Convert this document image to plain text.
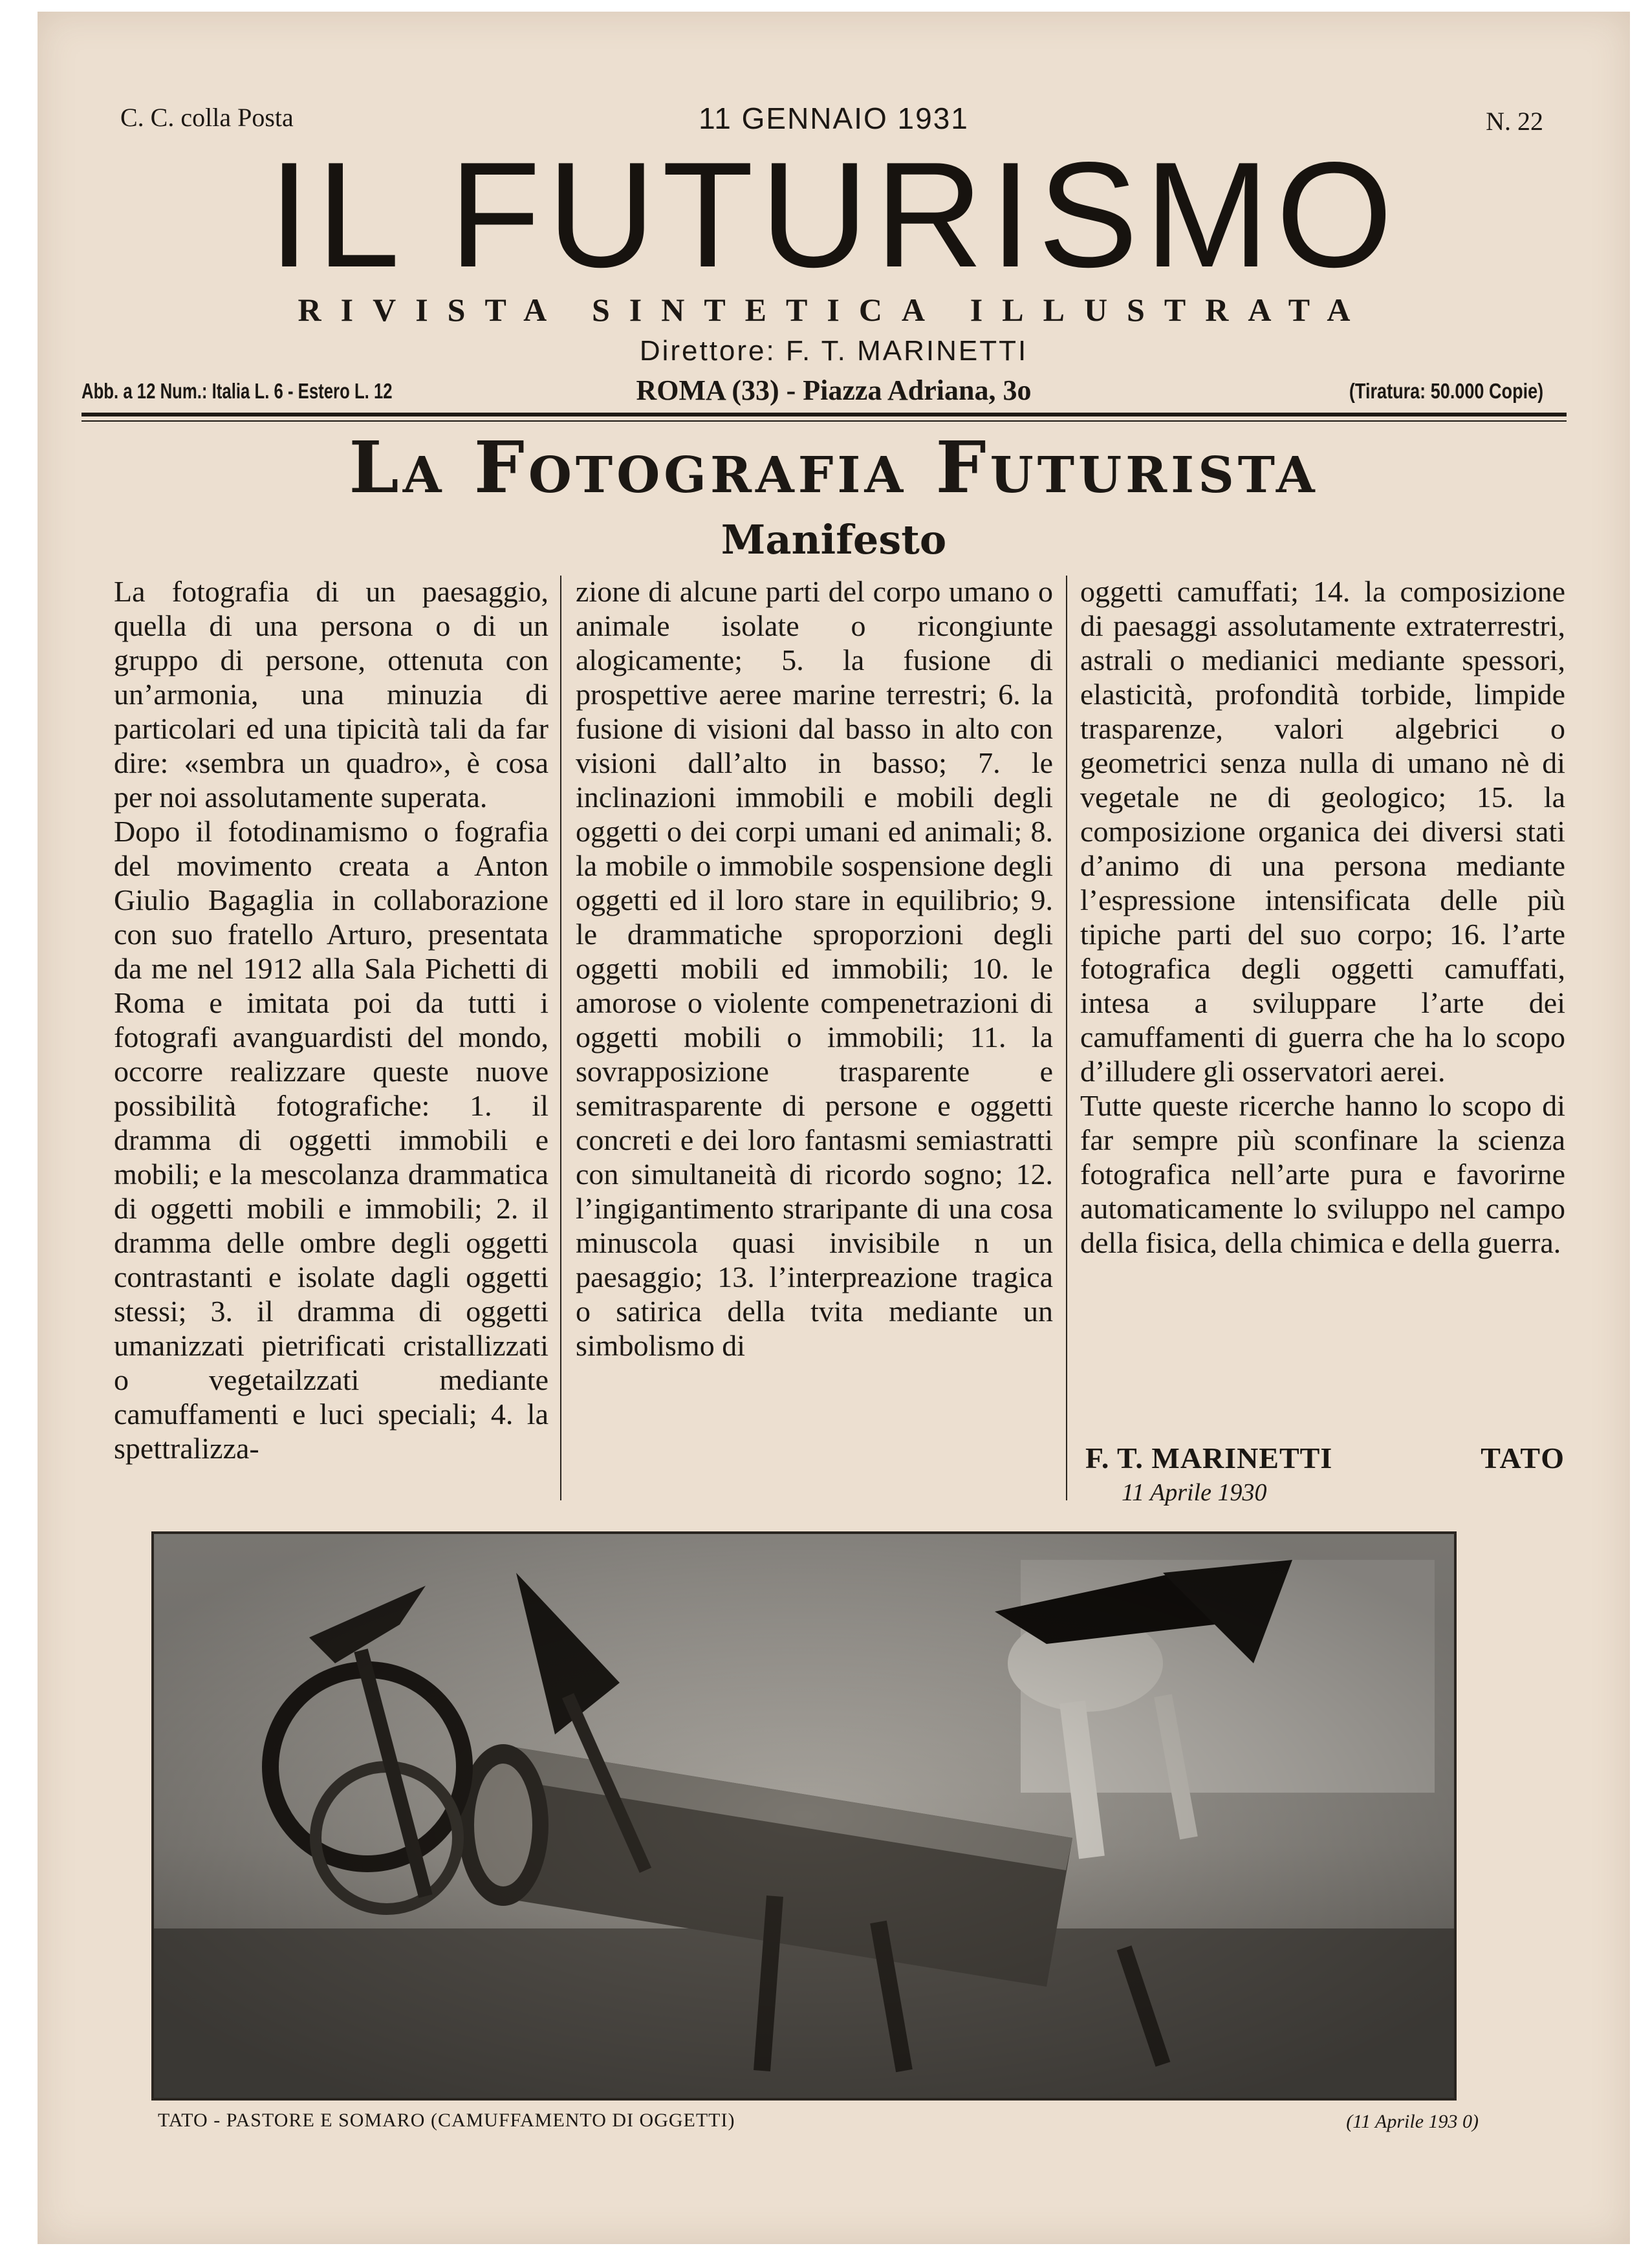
C. C. colla Posta	11 GENNAIO 1931	N. 22
IL FUTURISMO
RIVISTA SINTETICA ILLUSTRATA
Direttore: F. T. MARINETTI
Abb. a 12 Num.: Italia L. 6 - Estero L. 12	ROMA (33) - Piazza Adriana, 3o	(Tiratura: 50.000 Copie)
La Fotografia Futurista
Manifesto
La fotografia di un paesaggio, quella di una persona o di un gruppo di persone, ottenuta con un’armonia, una minuzia di particolari ed una tipicità tali da far dire: «sembra un quadro», è cosa per noi assolutamente superata.
Dopo il fotodinamismo o fografia del movimento creata a Anton Giulio Bagaglia in collaborazione con suo fratello Arturo, presentata da me nel 1912 alla Sala Pichetti di Roma e imitata poi da tutti i fotografi avanguardisti del mondo, occorre realizzare queste nuove possibilità fotografiche: 1. il dramma di oggetti immobili e mobili; e la mescolanza drammatica di oggetti mobili e immobili; 2. il dramma delle ombre degli oggetti contrastanti e isolate dagli oggetti stessi; 3. il dramma di oggetti umanizzati pietrificati cristallizzati o vegetailzzati mediante camuffamenti e luci speciali; 4. la spettralizza-
zione di alcune parti del corpo umano o animale isolate o ricongiunte alogicamente; 5. la fusione di prospettive aeree marine terrestri; 6. la fusione di visioni dal basso in alto con visioni dall’alto in basso; 7. le inclinazioni immobili e mobili degli oggetti o dei corpi umani ed animali; 8. la mobile o immobile sospensione degli oggetti ed il loro stare in equilibrio; 9. le drammatiche sproporzioni degli oggetti mobili ed immobili; 10. le amorose o violente compenetrazioni di oggetti mobili o immobili; 11. la sovrapposizione trasparente e semitrasparente di persone e oggetti concreti e dei loro fantasmi semiastratti con simultaneità di ricordo sogno; 12. l’ingigantimento straripante di una cosa minuscola quasi invisibile n un paesaggio; 13. l’interpreazione tragica o satirica della tvita mediante un simbolismo di
oggetti camuffati; 14. la composizione di paesaggi assolutamente extraterrestri, astrali o medianici mediante spessori, elasticità, profondità torbide, limpide trasparenze, valori algebrici o geometrici senza nulla di umano nè di vegetale ne di geologico; 15. la composizione organica dei diversi stati d’animo di una persona mediante l’espressione intensificata delle più tipiche parti del suo corpo; 16. l’arte fotografica degli oggetti camuffati, intesa a sviluppare l’arte dei camuffamenti di guerra che ha lo scopo d’illudere gli osservatori aerei.
Tutte queste ricerche hanno lo scopo di far sempre più sconfinare la scienza fotografica nell’arte pura e favorirne automaticamente lo sviluppo nel campo della fisica, della chimica e della guerra.
F. T. MARINETTI	TATO
11 Aprile 1930
TATO - PASTORE E SOMARO (CAMUFFAMENTO DI OGGETTI)	(11 Aprile 193 0)
